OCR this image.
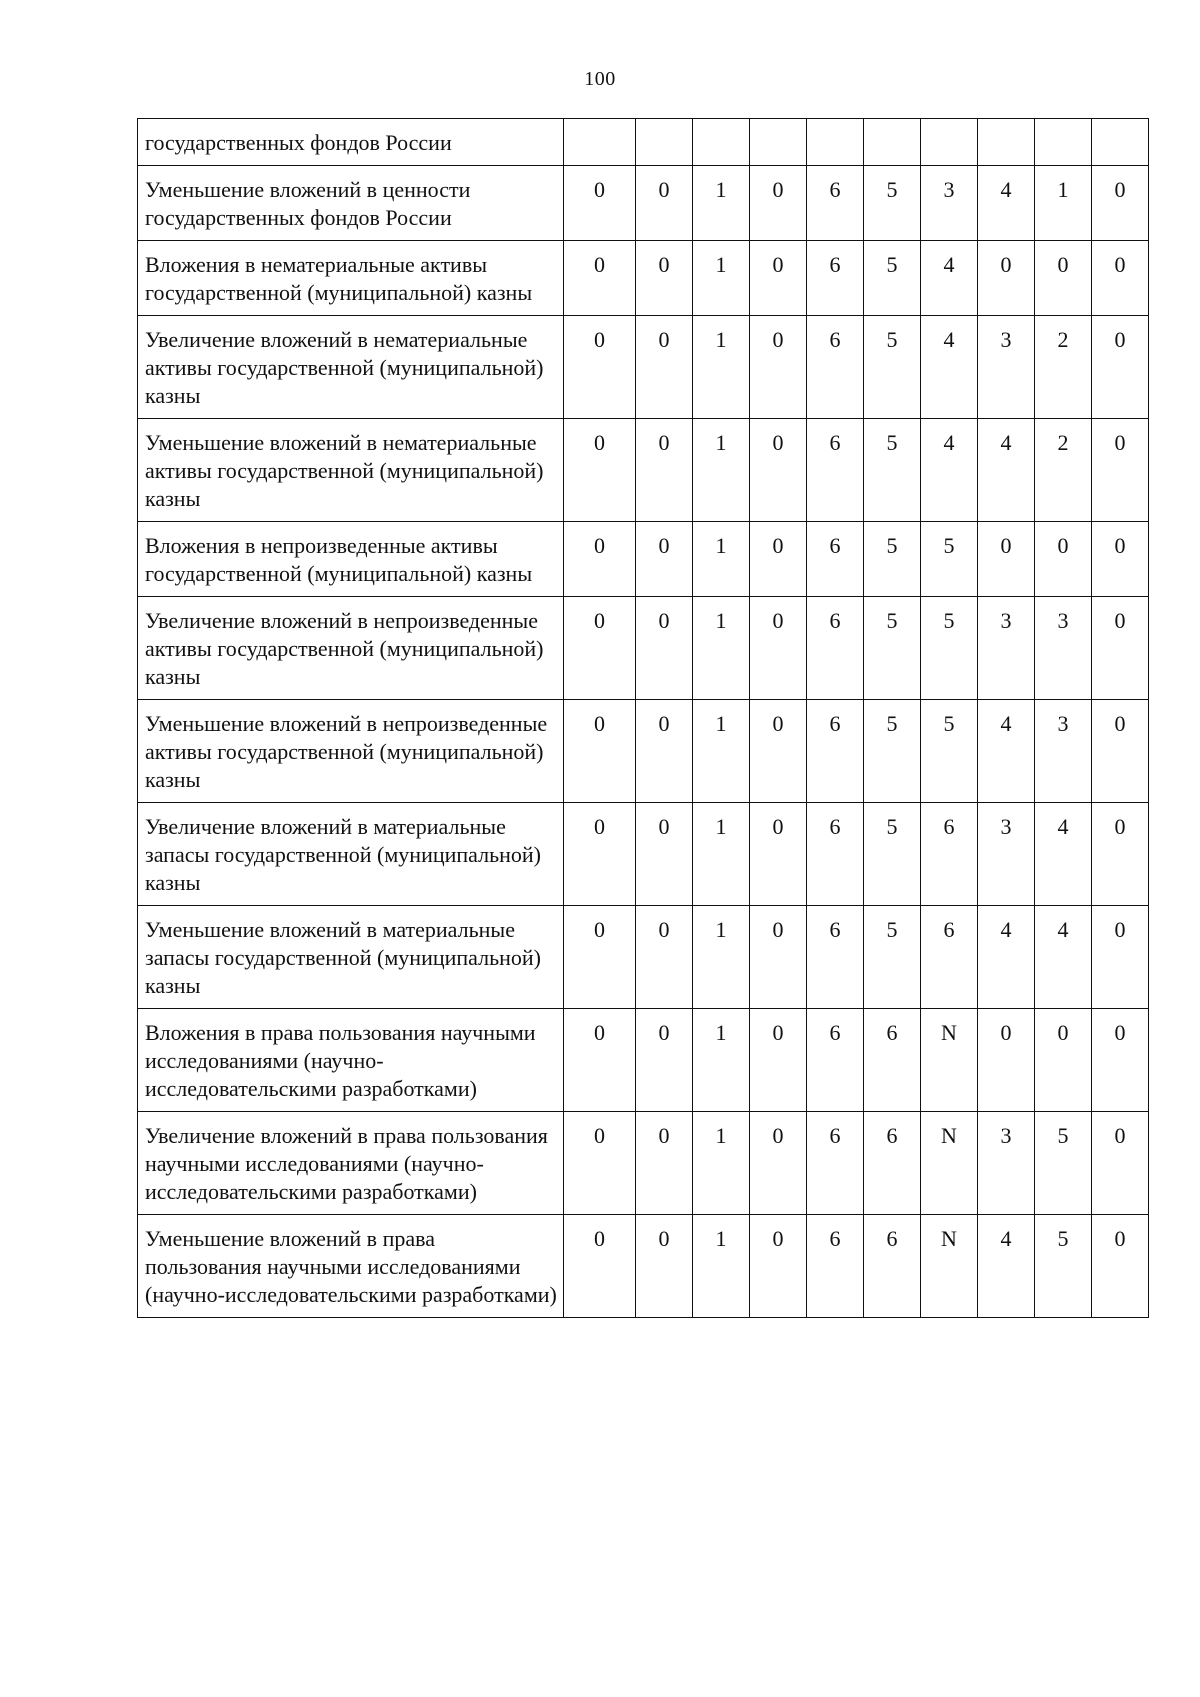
100
государственных фондов России										
Уменьшение вложений в ценности государственных фондов России	0	0	1	0	6	5	3	4	1	0
Вложения в нематериальные активы государственной (муниципальной) казны	0	0	1	0	6	5	4	0	0	0
Увеличение вложений в нематериальные активы государственной (муниципальной) казны	0	0	1	0	6	5	4	3	2	0
Уменьшение вложений в нематериальные активы государственной (муниципальной) казны	0	0	1	0	6	5	4	4	2	0
Вложения в непроизведенные активы государственной (муниципальной) казны	0	0	1	0	6	5	5	0	0	0
Увеличение вложений в непроизведенные активы государственной (муниципальной) казны	0	0	1	0	6	5	5	3	3	0
Уменьшение вложений в непроизведенные активы государственной (муниципальной) казны	0	0	1	0	6	5	5	4	3	0
Увеличение вложений в материальные запасы государственной (муниципальной) казны	0	0	1	0	6	5	6	3	4	0
Уменьшение вложений в материальные запасы государственной (муниципальной) казны	0	0	1	0	6	5	6	4	4	0
Вложения в права пользования научными исследованиями (научно-исследовательскими разработками)	0	0	1	0	6	6	N	0	0	0
Увеличение вложений в права пользования научными исследованиями (научно-исследовательскими разработками)	0	0	1	0	6	6	N	3	5	0
Уменьшение вложений в права пользования научными исследованиями (научно-исследовательскими разработками)	0	0	1	0	6	6	N	4	5	0
